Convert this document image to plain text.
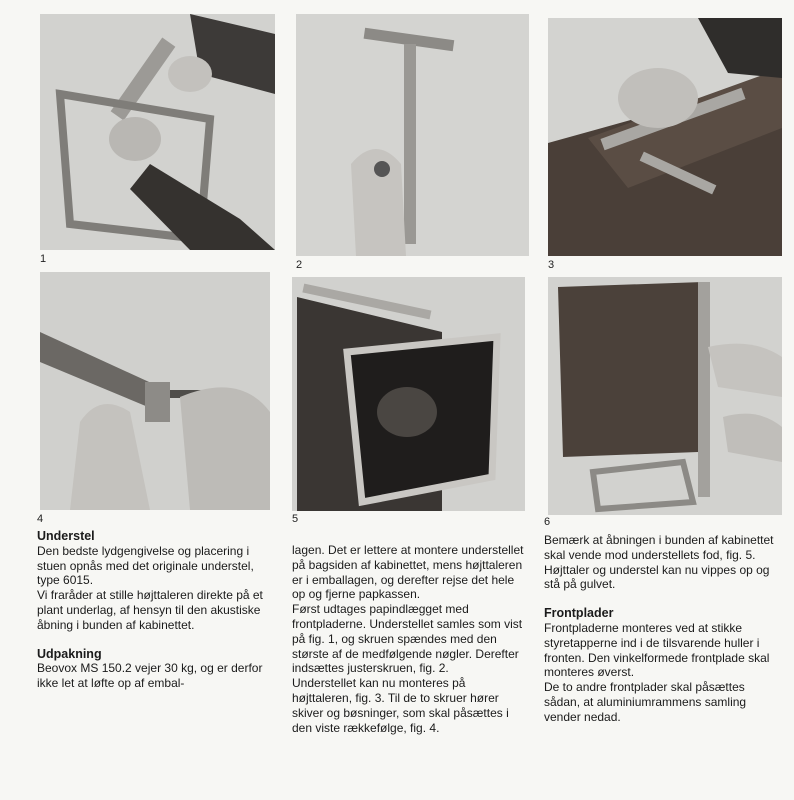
1	2	3
4	5	6
Understel

Den bedste lydgengivelse og placering i stuen opnås med det originale understel, type 6015.

Vi fraråder at stille højttaleren direkte på et plant underlag, af hensyn til den akustiske åbning i bunden af kabinettet.

Udpakning

Beovox MS 150.2 vejer 30 kg, og er derfor ikke let at løfte op af embal-

lagen. Det er lettere at montere understellet på bagsiden af kabinettet, mens højttaleren er i emballagen, og derefter rejse det hele op og fjerne papkassen.

Først udtages papindlægget med frontpladerne. Understellet samles som vist på fig. 1, og skruen spændes med den største af de medfølgende nøgler. Derefter indsættes justerskruen, fig. 2.

Understellet kan nu monteres på højttaleren, fig. 3. Til de to skruer hører skiver og bøsninger, som skal påsættes i den viste rækkefølge, fig. 4.

Bemærk at åbningen i bunden af kabinettet skal vende mod understellets fod, fig. 5.

Højttaler og understel kan nu vippes op og stå på gulvet.

Frontplader

Frontpladerne monteres ved at stikke styretapperne ind i de tilsvarende huller i fronten. Den vinkelformede frontplade skal monteres øverst.

De to andre frontplader skal påsættes sådan, at aluminiumrammens samling vender nedad.
